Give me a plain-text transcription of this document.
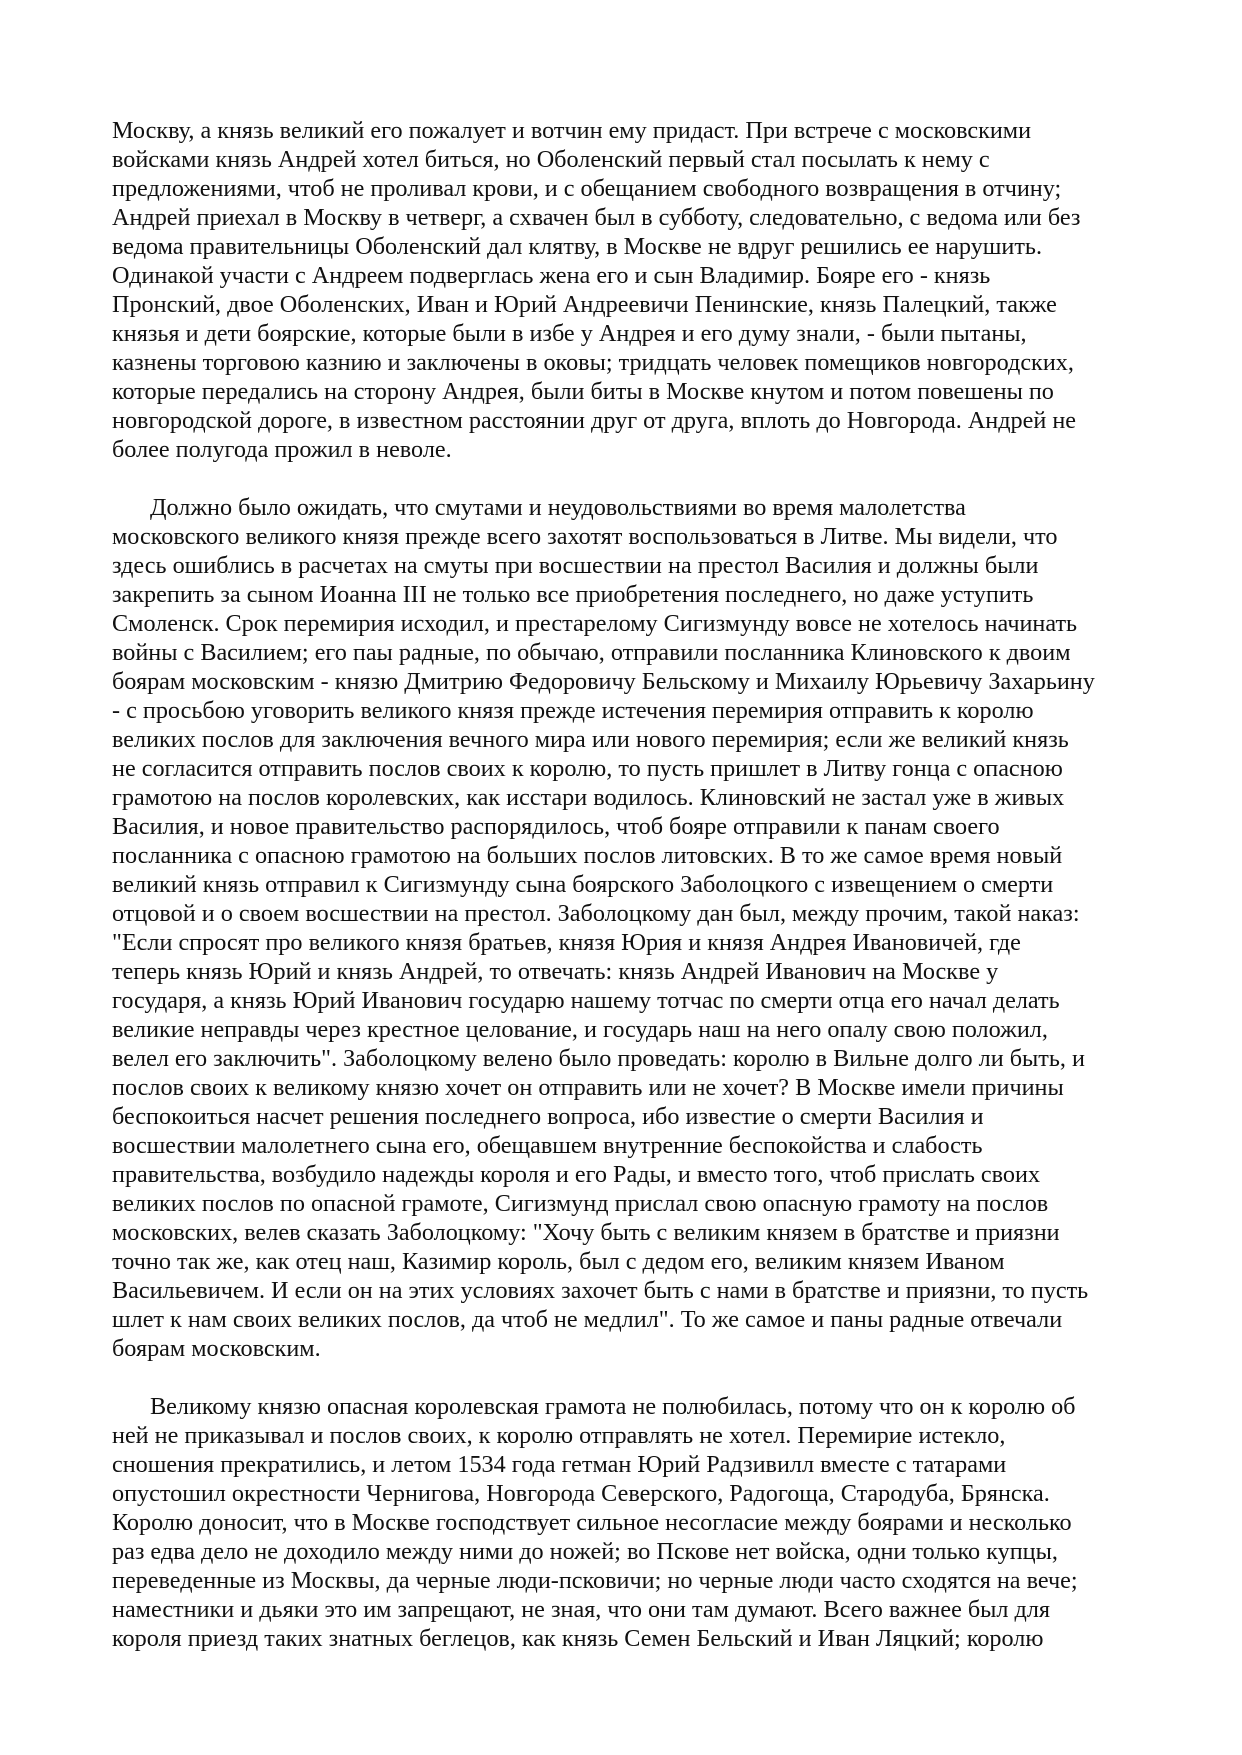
Москву, а князь великий его пожалует и вотчин ему придаст. При встрече с московскими
войсками князь Андрей хотел биться, но Оболенский первый стал посылать к нему с
предложениями, чтоб не проливал крови, и с обещанием свободного возвращения в отчину;
Андрей приехал в Москву в четверг, а схвачен был в субботу, следовательно, с ведома или без
ведома правительницы Оболенский дал клятву, в Москве не вдруг решились ее нарушить.
Одинакой участи с Андреем подверглась жена его и сын Владимир. Бояре его - князь
Пронский, двое Оболенских, Иван и Юрий Андреевичи Пенинские, князь Палецкий, также
князья и дети боярские, которые были в избе у Андрея и его думу знали, - были пытаны,
казнены торговою казнию и заключены в оковы; тридцать человек помещиков новгородских,
которые передались на сторону Андрея, были биты в Москве кнутом и потом повешены по
новгородской дороге, в известном расстоянии друг от друга, вплоть до Новгорода. Андрей не
более полугода прожил в неволе.
Должно было ожидать, что смутами и неудовольствиями во время малолетства
московского великого князя прежде всего захотят воспользоваться в Литве. Мы видели, что
здесь ошиблись в расчетах на смуты при восшествии на престол Василия и должны были
закрепить за сыном Иоанна III не только все приобретения последнего, но даже уступить
Смоленск. Срок перемирия исходил, и престарелому Сигизмунду вовсе не хотелось начинать
войны с Василием; его паы радные, по обычаю, отправили посланника Клиновского к двоим
боярам московским - князю Дмитрию Федоровичу Бельскому и Михаилу Юрьевичу Захарьину
- с просьбою уговорить великого князя прежде истечения перемирия отправить к королю
великих послов для заключения вечного мира или нового перемирия; если же великий князь
не согласится отправить послов своих к королю, то пусть пришлет в Литву гонца с опасною
грамотою на послов королевских, как исстари водилось. Клиновский не застал уже в живых
Василия, и новое правительство распорядилось, чтоб бояре отправили к панам своего
посланника с опасною грамотою на больших послов литовских. В то же самое время новый
великий князь отправил к Сигизмунду сына боярского Заболоцкого с извещением о смерти
отцовой и о своем восшествии на престол. Заболоцкому дан был, между прочим, такой наказ:
"Если спросят про великого князя братьев, князя Юрия и князя Андрея Ивановичей, где
теперь князь Юрий и князь Андрей, то отвечать: князь Андрей Иванович на Москве у
государя, а князь Юрий Иванович государю нашему тотчас по смерти отца его начал делать
великие неправды через крестное целование, и государь наш на него опалу свою положил,
велел его заключить". Заболоцкому велено было проведать: королю в Вильне долго ли быть, и
послов своих к великому князю хочет он отправить или не хочет? В Москве имели причины
беспокоиться насчет решения последнего вопроса, ибо известие о смерти Василия и
восшествии малолетнего сына его, обещавшем внутренние беспокойства и слабость
правительства, возбудило надежды короля и его Рады, и вместо того, чтоб прислать своих
великих послов по опасной грамоте, Сигизмунд прислал свою опасную грамоту на послов
московских, велев сказать Заболоцкому: "Хочу быть с великим князем в братстве и приязни
точно так же, как отец наш, Казимир король, был с дедом его, великим князем Иваном
Васильевичем. И если он на этих условиях захочет быть с нами в братстве и приязни, то пусть
шлет к нам своих великих послов, да чтоб не медлил". То же самое и паны радные отвечали
боярам московским.
Великому князю опасная королевская грамота не полюбилась, потому что он к королю об
ней не приказывал и послов своих, к королю отправлять не хотел. Перемирие истекло,
сношения прекратились, и летом 1534 года гетман Юрий Радзивилл вместе с татарами
опустошил окрестности Чернигова, Новгорода Северского, Радогоща, Стародуба, Брянска.
Королю доносит, что в Москве господствует сильное несогласие между боярами и несколько
раз едва дело не доходило между ними до ножей; во Пскове нет войска, одни только купцы,
переведенные из Москвы, да черные люди-псковичи; но черные люди часто сходятся на вече;
наместники и дьяки это им запрещают, не зная, что они там думают. Всего важнее был для
короля приезд таких знатных беглецов, как князь Семен Бельский и Иван Ляцкий; королю
